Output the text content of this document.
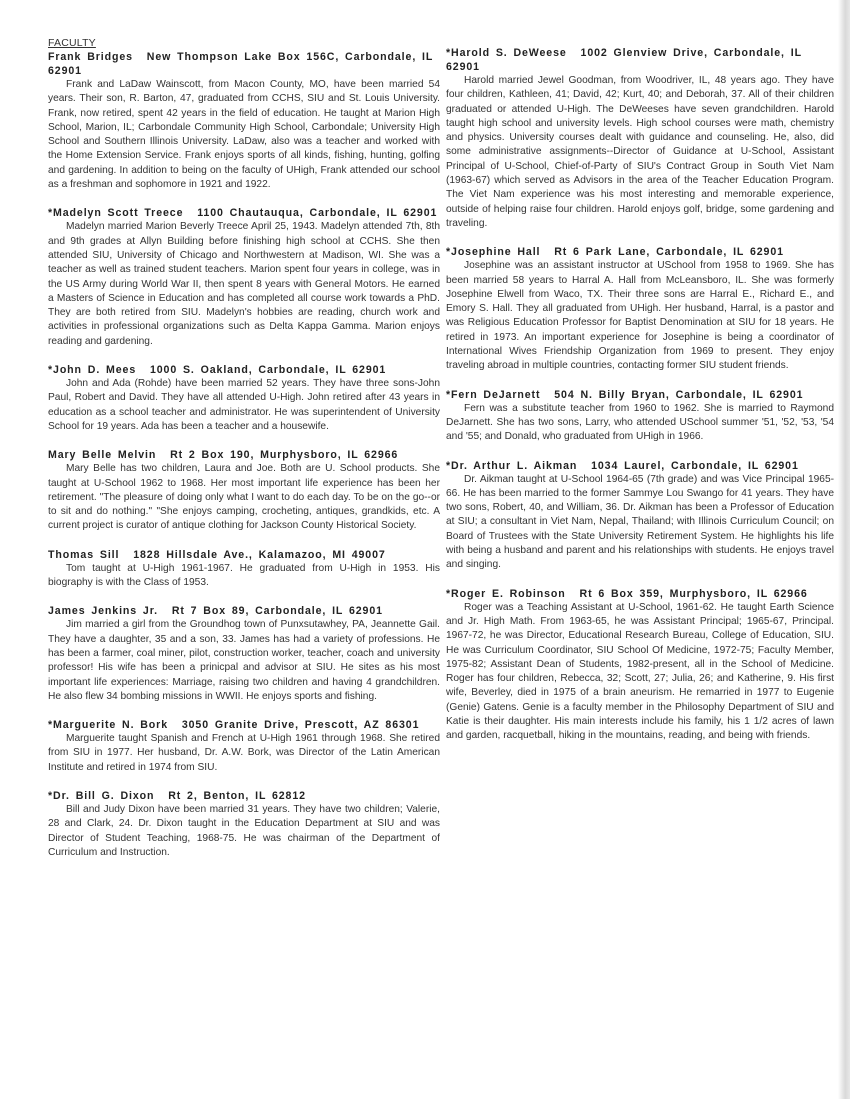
FACULTY
Frank Bridges New Thompson Lake Box 156C, Carbondale, IL 62901
Frank and LaDaw Wainscott, from Macon County, MO, have been married 54 years. Their son, R. Barton, 47, graduated from CCHS, SIU and St. Louis University. Frank, now retired, spent 42 years in the field of education. He taught at Marion High School, Marion, IL; Carbondale Community High School, Carbondale; University High School and Southern Illinois University. LaDaw, also was a teacher and worked with the Home Extension Service. Frank enjoys sports of all kinds, fishing, hunting, golfing and gardening. In addition to being on the faculty of UHigh, Frank attended our school as a freshman and sophomore in 1921 and 1922.
*Madelyn Scott Treece 1100 Chautauqua, Carbondale, IL 62901
Madelyn married Marion Beverly Treece April 25, 1943. Madelyn attended 7th, 8th and 9th grades at Allyn Building before finishing high school at CCHS. She then attended SIU, University of Chicago and Northwestern at Madison, WI. She was a teacher as well as trained student teachers. Marion spent four years in college, was in the US Army during World War II, then spent 8 years with General Motors. He earned a Masters of Science in Education and has completed all course work towards a PhD. They are both retired from SIU. Madelyn's hobbies are reading, church work and activities in professional organizations such as Delta Kappa Gamma. Marion enjoys reading and gardening.
*John D. Mees 1000 S. Oakland, Carbondale, IL 62901
John and Ada (Rohde) have been married 52 years. They have three sons-John Paul, Robert and David. They have all attended U-High. John retired after 43 years in education as a school teacher and administrator. He was superintendent of University School for 19 years. Ada has been a teacher and a housewife.
Mary Belle Melvin Rt 2 Box 190, Murphysboro, IL 62966
Mary Belle has two children, Laura and Joe. Both are U. School products. She taught at U-School 1962 to 1968. Her most important life experience has been her retirement. "The pleasure of doing only what I want to do each day. To be on the go--or to sit and do nothing." "She enjoys camping, crocheting, antiques, grandkids, etc. A current project is curator of antique clothing for Jackson County Historical Society.
Thomas Sill 1828 Hillsdale Ave., Kalamazoo, MI 49007
Tom taught at U-High 1961-1967. He graduated from U-High in 1953. His biography is with the Class of 1953.
James Jenkins Jr. Rt 7 Box 89, Carbondale, IL 62901
Jim married a girl from the Groundhog town of Punxsutawhey, PA, Jeannette Gail. They have a daughter, 35 and a son, 33. James has had a variety of professions. He has been a farmer, coal miner, pilot, construction worker, teacher, coach and university professor! His wife has been a prinicpal and advisor at SIU. He sites as his most important life experiences: Marriage, raising two children and having 4 grandchildren. He also flew 34 bombing missions in WWII. He enjoys sports and fishing.
*Marguerite N. Bork 3050 Granite Drive, Prescott, AZ 86301
Marguerite taught Spanish and French at U-High 1961 through 1968. She retired from SIU in 1977. Her husband, Dr. A.W. Bork, was Director of the Latin American Institute and retired in 1974 from SIU.
*Dr. Bill G. Dixon Rt 2, Benton, IL 62812
Bill and Judy Dixon have been married 31 years. They have two children; Valerie, 28 and Clark, 24. Dr. Dixon taught in the Education Department at SIU and was Director of Student Teaching, 1968-75. He was chairman of the Department of Curriculum and Instruction.
*Harold S. DeWeese 1002 Glenview Drive, Carbondale, IL 62901
Harold married Jewel Goodman, from Woodriver, IL, 48 years ago. They have four children, Kathleen, 41; David, 42; Kurt, 40; and Deborah, 37. All of their children graduated or attended U-High. The DeWeeses have seven grandchildren. Harold taught high school and university levels. High school courses were math, chemistry and physics. University courses dealt with guidance and counseling. He, also, did some administrative assignments--Director of Guidance at U-School, Assistant Principal of U-School, Chief-of-Party of SIU's Contract Group in South Viet Nam (1963-67) which served as Advisors in the area of the Teacher Education Program. The Viet Nam experience was his most interesting and memorable experience, outside of helping raise four children. Harold enjoys golf, bridge, some gardening and traveling.
*Josephine Hall Rt 6 Park Lane, Carbondale, IL 62901
Josephine was an assistant instructor at USchool from 1958 to 1969. She has been married 58 years to Harral A. Hall from McLeansboro, IL. She was formerly Josephine Elwell from Waco, TX. Their three sons are Harral E., Richard E., and Emory S. Hall. They all graduated from UHigh. Her husband, Harral, is a pastor and was Religious Education Professor for Baptist Denomination at SIU for 18 years. He retired in 1973. An important experience for Josephine is being a coordinator of International Wives Friendship Organization from 1969 to present. They enjoy traveling abroad in multiple countries, contacting former SIU student friends.
*Fern DeJarnett 504 N. Billy Bryan, Carbondale, IL 62901
Fern was a substitute teacher from 1960 to 1962. She is married to Raymond DeJarnett. She has two sons, Larry, who attended USchool summer '51, '52, '53, '54 and '55; and Donald, who graduated from UHigh in 1966.
*Dr. Arthur L. Aikman 1034 Laurel, Carbondale, IL 62901
Dr. Aikman taught at U-School 1964-65 (7th grade) and was Vice Principal 1965-66. He has been married to the former Sammye Lou Swango for 41 years. They have two sons, Robert, 40, and William, 36. Dr. Aikman has been a Professor of Education at SIU; a consultant in Viet Nam, Nepal, Thailand; with Illinois Curriculum Council; on Board of Trustees with the State University Retirement System. He highlights his life with being a husband and parent and his relationships with students. He enjoys travel and singing.
*Roger E. Robinson Rt 6 Box 359, Murphysboro, IL 62966
Roger was a Teaching Assistant at U-School, 1961-62. He taught Earth Science and Jr. High Math. From 1963-65, he was Assistant Principal; 1965-67, Principal. 1967-72, he was Director, Educational Research Bureau, College of Education, SIU. He was Curriculum Coordinator, SIU School Of Medicine, 1972-75; Faculty Member, 1975-82; Assistant Dean of Students, 1982-present, all in the School of Medicine. Roger has four children, Rebecca, 32; Scott, 27; Julia, 26; and Katherine, 9. His first wife, Beverley, died in 1975 of a brain aneurism. He remarried in 1977 to Eugenie (Genie) Gatens. Genie is a faculty member in the Philosophy Department of SIU and Katie is their daughter. His main interests include his family, his 1 1/2 acres of lawn and garden, racquetball, hiking in the mountains, reading, and being with friends.
